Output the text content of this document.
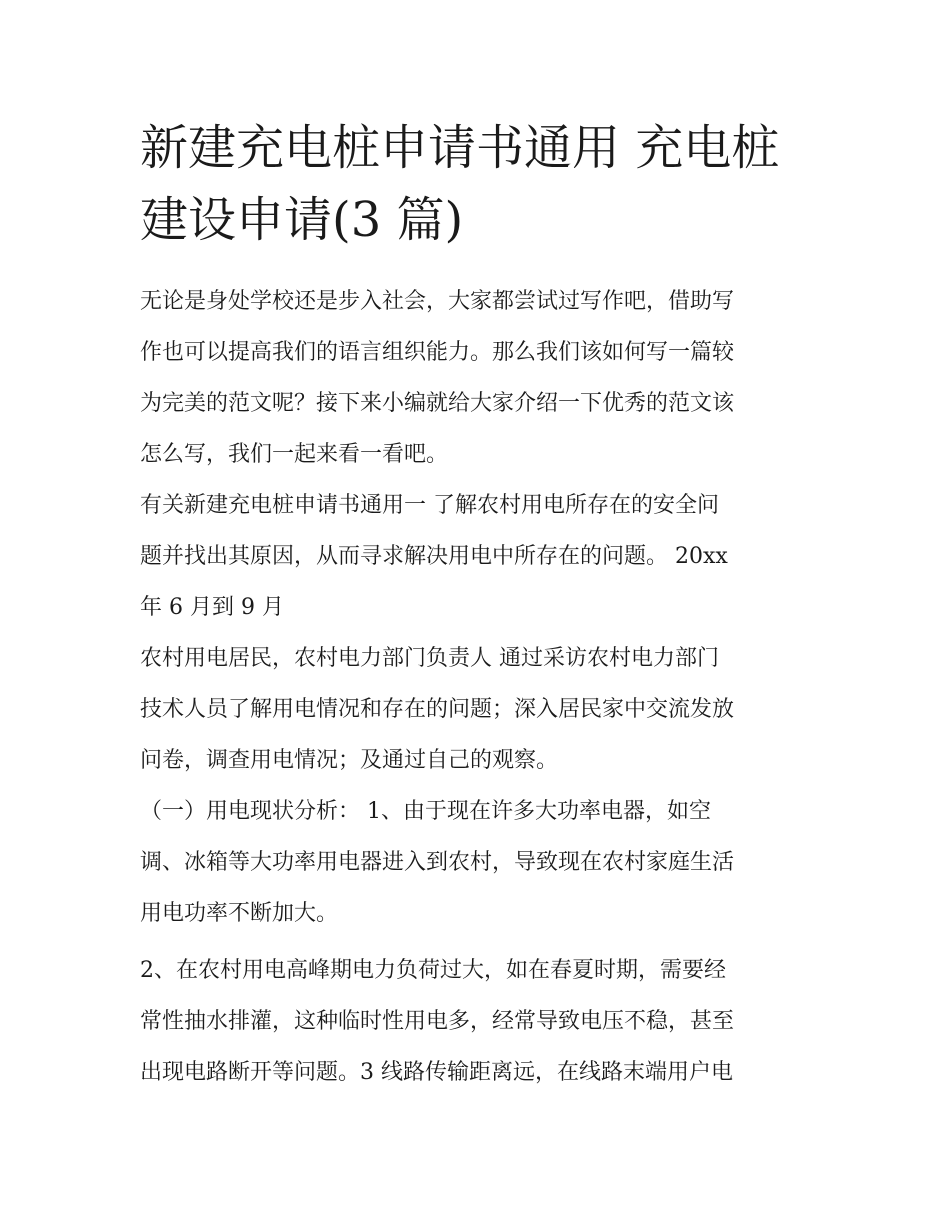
新建充电桩申请书通用 充电桩
建设申请(3 篇)

无论是身处学校还是步入社会，大家都尝试过写作吧，借助写
作也可以提高我们的语言组织能力。那么我们该如何写一篇较
为完美的范文呢？接下来小编就给大家介绍一下优秀的范文该
怎么写，我们一起来看一看吧。

有关新建充电桩申请书通用一 了解农村用电所存在的安全问
题并找出其原因，从而寻求解决用电中所存在的问题。 20xx
年 6 月到 9 月

农村用电居民，农村电力部门负责人 通过采访农村电力部门
技术人员了解用电情况和存在的问题；深入居民家中交流发放
问卷，调查用电情况；及通过自己的观察。

（一）用电现状分析： 1、由于现在许多大功率电器，如空
调、冰箱等大功率用电器进入到农村，导致现在农村家庭生活
用电功率不断加大。

2、在农村用电高峰期电力负荷过大，如在春夏时期，需要经
常性抽水排灌，这种临时性用电多，经常导致电压不稳，甚至
出现电路断开等问题。3 线路传输距离远，在线路末端用户电
